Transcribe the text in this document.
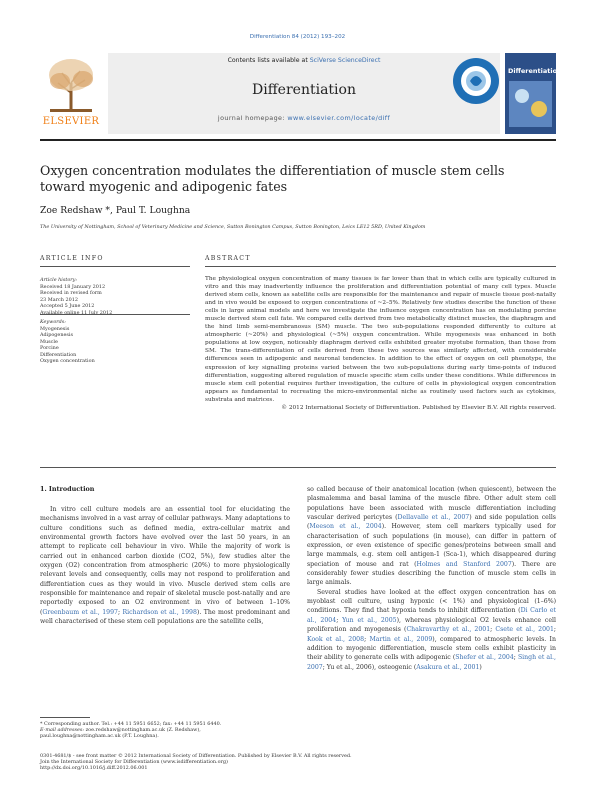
Differentiation 84 (2012) 193–202
ELSEVIER
Contents lists available at SciVerse ScienceDirect
Differentiation
journal homepage: www.elsevier.com/locate/diff
Differentiation
Oxygen concentration modulates the differentiation of muscle stem cells
toward myogenic and adipogenic fates
Zoe Redshaw *, Paul T. Loughna
The University of Nottingham, School of Veterinary Medicine and Science, Sutton Bonington Campus, Sutton Bonington, Leics LE12 5RD, United Kingdom
ARTICLE INFO	ABSTRACT
Article history:
Received 18 January 2012
Received in revised form
23 March 2012
Accepted 5 June 2012
Available online 11 July 2012
Keywords:
Myogenesis
Adipogenesis
Muscle
Porcine
Differentiation
Oxygen concentration
The physiological oxygen concentration of many tissues is far lower than that in which cells are typically cultured in vitro and this may inadvertently influence the proliferation and differentiation potential of many cell types. Muscle derived stem cells, known as satellite cells are responsible for the maintenance and repair of muscle tissue post-natally and in vivo would be exposed to oxygen concentrations of ~2–5%. Relatively few studies describe the function of these cells in large animal models and here we investigate the influence oxygen concentration has on modulating porcine muscle derived stem cell fate. We compared cells derived from two metabolically distinct muscles, the diaphragm and the hind limb semi-membranosus (SM) muscle. The two sub-populations responded differently to culture at atmospheric (~20%) and physiological (~5%) oxygen concentration. While myogenesis was enhanced in both populations at low oxygen, noticeably diaphragm derived cells exhibited greater myotube formation, than those from SM. The trans-differentiation of cells derived from these two sources was similarly affected, with considerable differences seen in adipogenic and neuronal tendencies. In addition to the effect of oxygen on cell phenotype, the expression of key signalling proteins varied between the two sub-populations during early time-points of induced differentiation, suggesting altered regulation of muscle specific stem cells under these conditions. While differences in muscle stem cell potential requires further investigation, the culture of cells in physiological oxygen concentration appears as fundamental to recreating the micro-environmental niche as routinely used factors such as cytokines, substrata and matrices.
© 2012 International Society of Differentiation. Published by Elsevier B.V. All rights reserved.
1. Introduction

In vitro cell culture models are an essential tool for elucidating the mechanisms involved in a vast array of cellular pathways. Many adaptations to culture conditions such as defined media, extra-cellular matrix and environmental growth factors have evolved over the last 50 years, in an attempt to replicate cell behaviour in vivo. While the majority of work is carried out in enhanced carbon dioxide (CO2, 5%), few studies alter the oxygen (O2) concentration from atmospheric (20%) to more physiologically relevant levels and consequently, cells may not respond to proliferation and differentiation cues as they would in vivo. Muscle derived stem cells are responsible for maintenance and repair of skeletal muscle post-natally and are reportedly exposed to an O2 environment in vivo of between 1–10% (Greenbaum et al., 1997; Richardson et al., 1998). The most predominant and well characterised of these stem cell populations are the satellite cells,

* Corresponding author. Tel.: +44 11 5951 6652; fax: +44 11 5951 6440.
E-mail addresses: zoe.redshaw@nottingham.ac.uk (Z. Redshaw),
paul.loughna@nottingham.ac.uk (P.T. Loughna).

so called because of their anatomical location (when quiescent), between the plasmalemma and basal lamina of the muscle fibre. Other adult stem cell populations have been associated with muscle differentiation including vascular derived pericytes (Dellavalle et al., 2007) and side population cells (Meeson et al., 2004). However, stem cell markers typically used for characterisation of such populations (in mouse), can differ in pattern of expression, or even existence of specific genes/proteins between small and large mammals, e.g. stem cell antigen-1 (Sca-1), which disappeared during speciation of mouse and rat (Holmes and Stanford 2007). There are considerably fewer studies describing the function of muscle stem cells in large animals.

Several studies have looked at the effect oxygen concentration has on myoblast cell culture, using hypoxic (< 1%) and physiological (1–6%) conditions. They find that hypoxia tends to inhibit differentiation (Di Carlo et al., 2004; Yun et al., 2005), whereas physiological O2 levels enhance cell proliferation and myogenesis (Chakravarthy et al., 2001; Csete et al., 2001; Kook et al., 2008; Martin et al., 2009), compared to atmospheric levels. In addition to myogenic differentiation, muscle stem cells exhibit plasticity in their ability to generate cells with adipogenic (Shefer et al., 2004; Singh et al., 2007; Yu et al., 2006), osteogenic (Asakura et al., 2001)

0301-4681/$ - see front matter © 2012 International Society of Differentiation. Published by Elsevier B.V. All rights reserved.
Join the International Society for Differentiation (www.isdifferentiation.org)
http://dx.doi.org/10.1016/j.diff.2012.06.001
